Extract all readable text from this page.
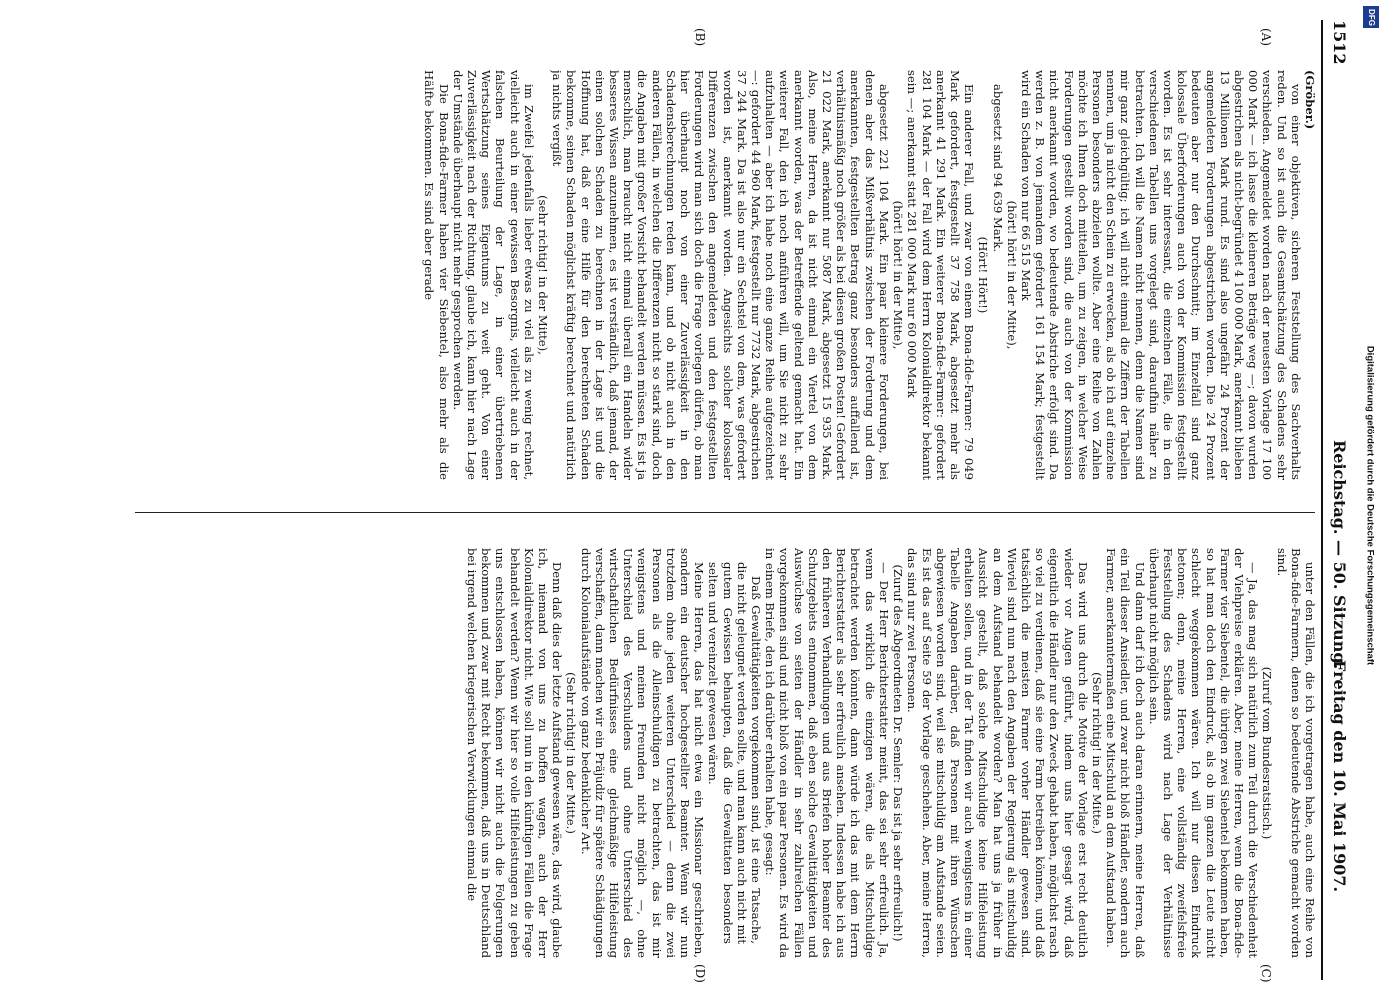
1512
Reichstag. — 50. Sitzung.
Freitag den 10. Mai 1907.
(A)
(B)
(C)
(D)

(Gröber.)

von einer objektiven, sicheren Feststellung des Sachverhalts reden. Und so ist auch die Gesamtschätzung des Schadens sehr verschieden. Angemeldet worden nach der neuesten Vorlage 17 100 000 Mark — ich lasse die kleineren Beträge weg —; davon wurden abgestrichen als nicht-begründet 4 100 000 Mark, anerkannt blieben 13 Millionen Mark rund. Es sind also ungefähr 24 Prozent der angemeldeten Forderungen abgestrichen worden. Die 24 Prozent bedeuten aber nur den Durchschnitt; im Einzelfall sind ganz kolossale Überforderungen auch von der Kommission festgestellt worden. Es ist sehr interessant, die einzelnen Fälle, die in den verschiedenen Tabellen uns vorgelegt sind, daraufhin näher zu betrachten. Ich will die Namen nicht nennen, denn die Namen sind mir ganz gleichgültig; ich will nicht einmal die Ziffern der Tabellen nennen, um ja nicht den Schein zu erwecken, als ob ich auf einzelne Personen besonders abzielen wollte. Aber eine Reihe von Zahlen möchte ich Ihnen doch mitteilen, um zu zeigen, in welcher Weise Forderungen gestellt worden sind, die auch von der Kommission nicht anerkannt worden, wo bedeutende Abstriche erfolgt sind. Da werden z. B. von jemandem gefordert 161 154 Mark; festgestellt wird ein Schaden von nur 66 515 Mark

(hört! hört! in der Mitte),

abgesetzt sind 94 639 Mark.

(Hört! Hört!)

Ein anderer Fall, und zwar von einem Bona-fide-Farmer: 79 049 Mark gefordert, festgestellt 37 758 Mark, abgesetzt mehr als anerkannt 41 291 Mark. Ein weiterer Bona-fide-Farmer: gefordert 281 104 Mark — der Fall wird dem Herrn Kolonialdirektor bekannt sein —; anerkannt statt 281 000 Mark nur 60 000 Mark

(hört! hört! in der Mitte),

abgesetzt 221 104 Mark. Ein paar kleinere Forderungen, bei denen aber das Mißverhältnis zwischen der Forderung und dem anerkannten, festgestellten Betrag ganz besonders auffallend ist, verhältnismäßig noch größer als bei diesen großen Posten! Gefordert 21 022 Mark, anerkannt nur 5087 Mark, abgesetzt 15 935 Mark. Also, meine Herren, da ist nicht einmal ein Viertel von dem anerkannt worden, was der Betreffende geltend gemacht hat. Ein weiterer Fall, den ich noch anführen will, um Sie nicht zu sehr aufzuhalten — aber ich habe noch eine ganze Reihe aufgezeichnet —: gefordert 44 960 Mark, festgestellt nur 7732 Mark, abgestrichen 37 244 Mark. Da ist also nur ein Sechstel von dem, was gefordert worden ist, anerkannt worden. Angesichts solcher kolossaler Differenzen zwischen den angemeldeten und den festgestellten Forderungen wird man sich doch die Frage vorlegen dürfen, ob man hier überhaupt noch von einer Zuverlässigkeit in den Schadensberechnungen reden kann, und ob nicht auch in den anderen Fällen, in welchen die Differenzen nicht so stark sind, doch die Angaben mit großer Vorsicht behandelt werden müssen. Es ist ja menschlich, man braucht nicht einmal überall ein Handeln wider besseres Wissen anzunehmen, es ist verständlich, daß jemand, der einen solchen Schaden zu berechnen in der Lage ist und die Hoffnung hat, daß er eine Hilfe für den berechneten Schaden bekomme, seinen Schaden möglichst kräftig berechnet und natürlich ja nichts vergißt

(sehr richtig! in der Mitte),

im Zweifel jedenfalls lieber etwas zu viel als zu wenig rechnet, vielleicht auch in einer gewissen Besorgnis, vielleicht auch in der falschen Beurteilung der Lage, in einer übertriebenen Wertschätzung seines Eigentums zu weit geht. Von einer Zuverlässigkeit nach der Richtung, glaube ich, kann hier nach Lage der Umstände überhaupt nicht mehr gesprochen werden.

Die Bona-fide-Farmer haben vier Siebentel, also mehr als die Hälfte bekommen. Es sind aber gerade

unter den Fällen, die ich vorgetragen habe, auch eine Reihe von Bona-fide-Farmern, denen so bedeutende Abstriche gemacht worden sind.

(Zuruf vom Bundesratstisch.)

— Ja, das mag sich natürlich zum Teil durch die Verschiedenheit der Viehpreise erklären. Aber, meine Herren, wenn die Bona-fide-Farmer vier Siebentel, die übrigen zwei Siebentel bekommen haben, so hat man doch den Eindruck, als ob im ganzen die Leute nicht schlecht weggekommen wären. Ich will nur diesen Eindruck betonen; denn, meine Herren, eine vollständig zweifelsfreie Feststellung des Schadens wird nach Lage der Verhältnisse überhaupt nicht möglich sein.

Und dann darf ich doch auch daran erinnern, meine Herren, daß ein Teil dieser Ansiedler, und zwar nicht bloß Händler, sondern auch Farmer, anerkanntermaßen eine Mitschuld an dem Aufstand haben.

(Sehr richtig! in der Mitte.)

Das wird uns durch die Motive der Vorlage erst recht deutlich wieder vor Augen geführt, indem uns hier gesagt wird, daß eigentlich die Händler nur den Zweck gehabt haben, möglichst rasch so viel zu verdienen, daß sie eine Farm betreiben können, und daß tatsächlich die meisten Farmer vorher Händler gewesen sind. Wieviel sind nun nach den Angaben der Regierung als mitschuldig an dem Aufstand behandelt worden? Man hat uns ja früher in Aussicht gestellt, daß solche Mitschuldige keine Hilfeleistung erhalten sollen, und in der Tat finden wir auch wenigstens in einer Tabelle Angaben darüber, daß Personen mit ihren Wünschen abgewiesen worden sind, weil sie mitschuldig am Aufstande seien. Es ist das auf Seite 59 der Vorlage geschehen. Aber, meine Herren, das sind nur zwei Personen.

(Zuruf des Abgeordneten Dr. Semler: Das ist ja sehr erfreulich!)

— Der Herr Berichterstatter meint, das sei sehr erfreulich. Ja, wenn das wirklich die einzigen wären, die als Mitschuldige betrachtet werden könnten, dann würde ich das mit dem Herrn Berichterstatter als sehr erfreulich ansehen. Indessen habe ich aus den früheren Verhandlungen und aus Briefen hoher Beamter des Schutzgebiets entnommen, daß eben solche Gewalttätigkeiten und Auswüchse von seiten der Händler in sehr zahlreichen Fällen vorgekommen sind und nicht bloß von ein paar Personen. Es wird da in einem Briefe, den ich darüber erhalten habe, gesagt:

Daß Gewalttätigkeiten vorgekommen sind, ist eine Tatsache, die nicht geleugnet werden sollte, und man kann auch nicht mit gutem Gewissen behaupten, daß die Gewalttaten besonders selten und vereinzelt gewesen wären.

Meine Herren, das hat nicht etwa ein Missionar geschrieben, sondern ein deutscher hochgestellter Beamter. Wenn wir nun trotzdem ohne jeden weiteren Unterschied — denn die zwei Personen als die Alleinschuldigen zu betrachten, das ist mir wenigstens und meinen Freunden nicht möglich —, ohne Unterschied des Verschuldens und ohne Unterschied des wirtschaftlichen Bedürfnisses eine gleichmäßige Hilfeleistung verschaffen, dann machen wir ein Präjudiz für spätere Schädigungen durch Kolonialaufstände von ganz bedenklicher Art.

(Sehr richtig! in der Mitte.)

Denn daß dies der letzte Aufstand gewesen wäre, das wird, glaube ich, niemand von uns zu hoffen wagen, auch der Herr Kolonialdirektor nicht. Wie soll nun in den künftigen Fällen die Frage behandelt werden? Wenn wir hier so volle Hilfeleistungen zu geben uns entschlossen haben, können wir nicht auch die Folgerungen bekommen und zwar mit Recht bekommen, daß uns in Deutschland bei irgend welchen kriegerischen Verwicklungen einmal die

DFG
Digitalisierung gefördert durch die Deutsche Forschungsgemeinschaft
